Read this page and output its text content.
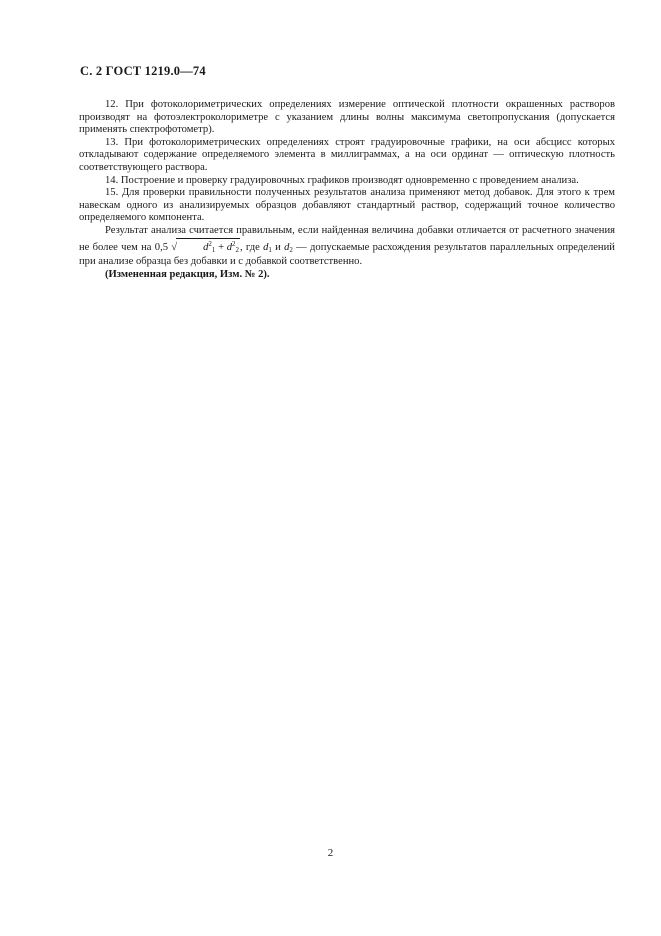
С. 2 ГОСТ 1219.0—74

12. При фотоколориметрических определениях измерение оптической плотности окрашенных растворов производят на фотоэлектроколориметре с указанием длины волны максимума светопропускания (допускается применять спектрофотометр).

13. При фотоколориметрических определениях строят градуировочные графики, на оси абсцисс которых откладывают содержание определяемого элемента в миллиграммах, а на оси ординат — оптическую плотность соответствующего раствора.

14. Построение и проверку градуировочных графиков производят одновременно с проведением анализа.

15. Для проверки правильности полученных результатов анализа применяют метод добавок. Для этого к трем навескам одного из анализируемых образцов добавляют стандартный раствор, содержащий точное количество определяемого компонента.

Результат анализа считается правильным, если найденная величина добавки отличается от расчетного значения не более чем на 0,5 √ $d^2_1 + d^2_2$, где $d_1$ и $d_2$ — допускаемые расхождения результатов параллельных определений при анализе образца без добавки и с добавкой соответственно.

(Измененная редакция, Изм. № 2).

2
